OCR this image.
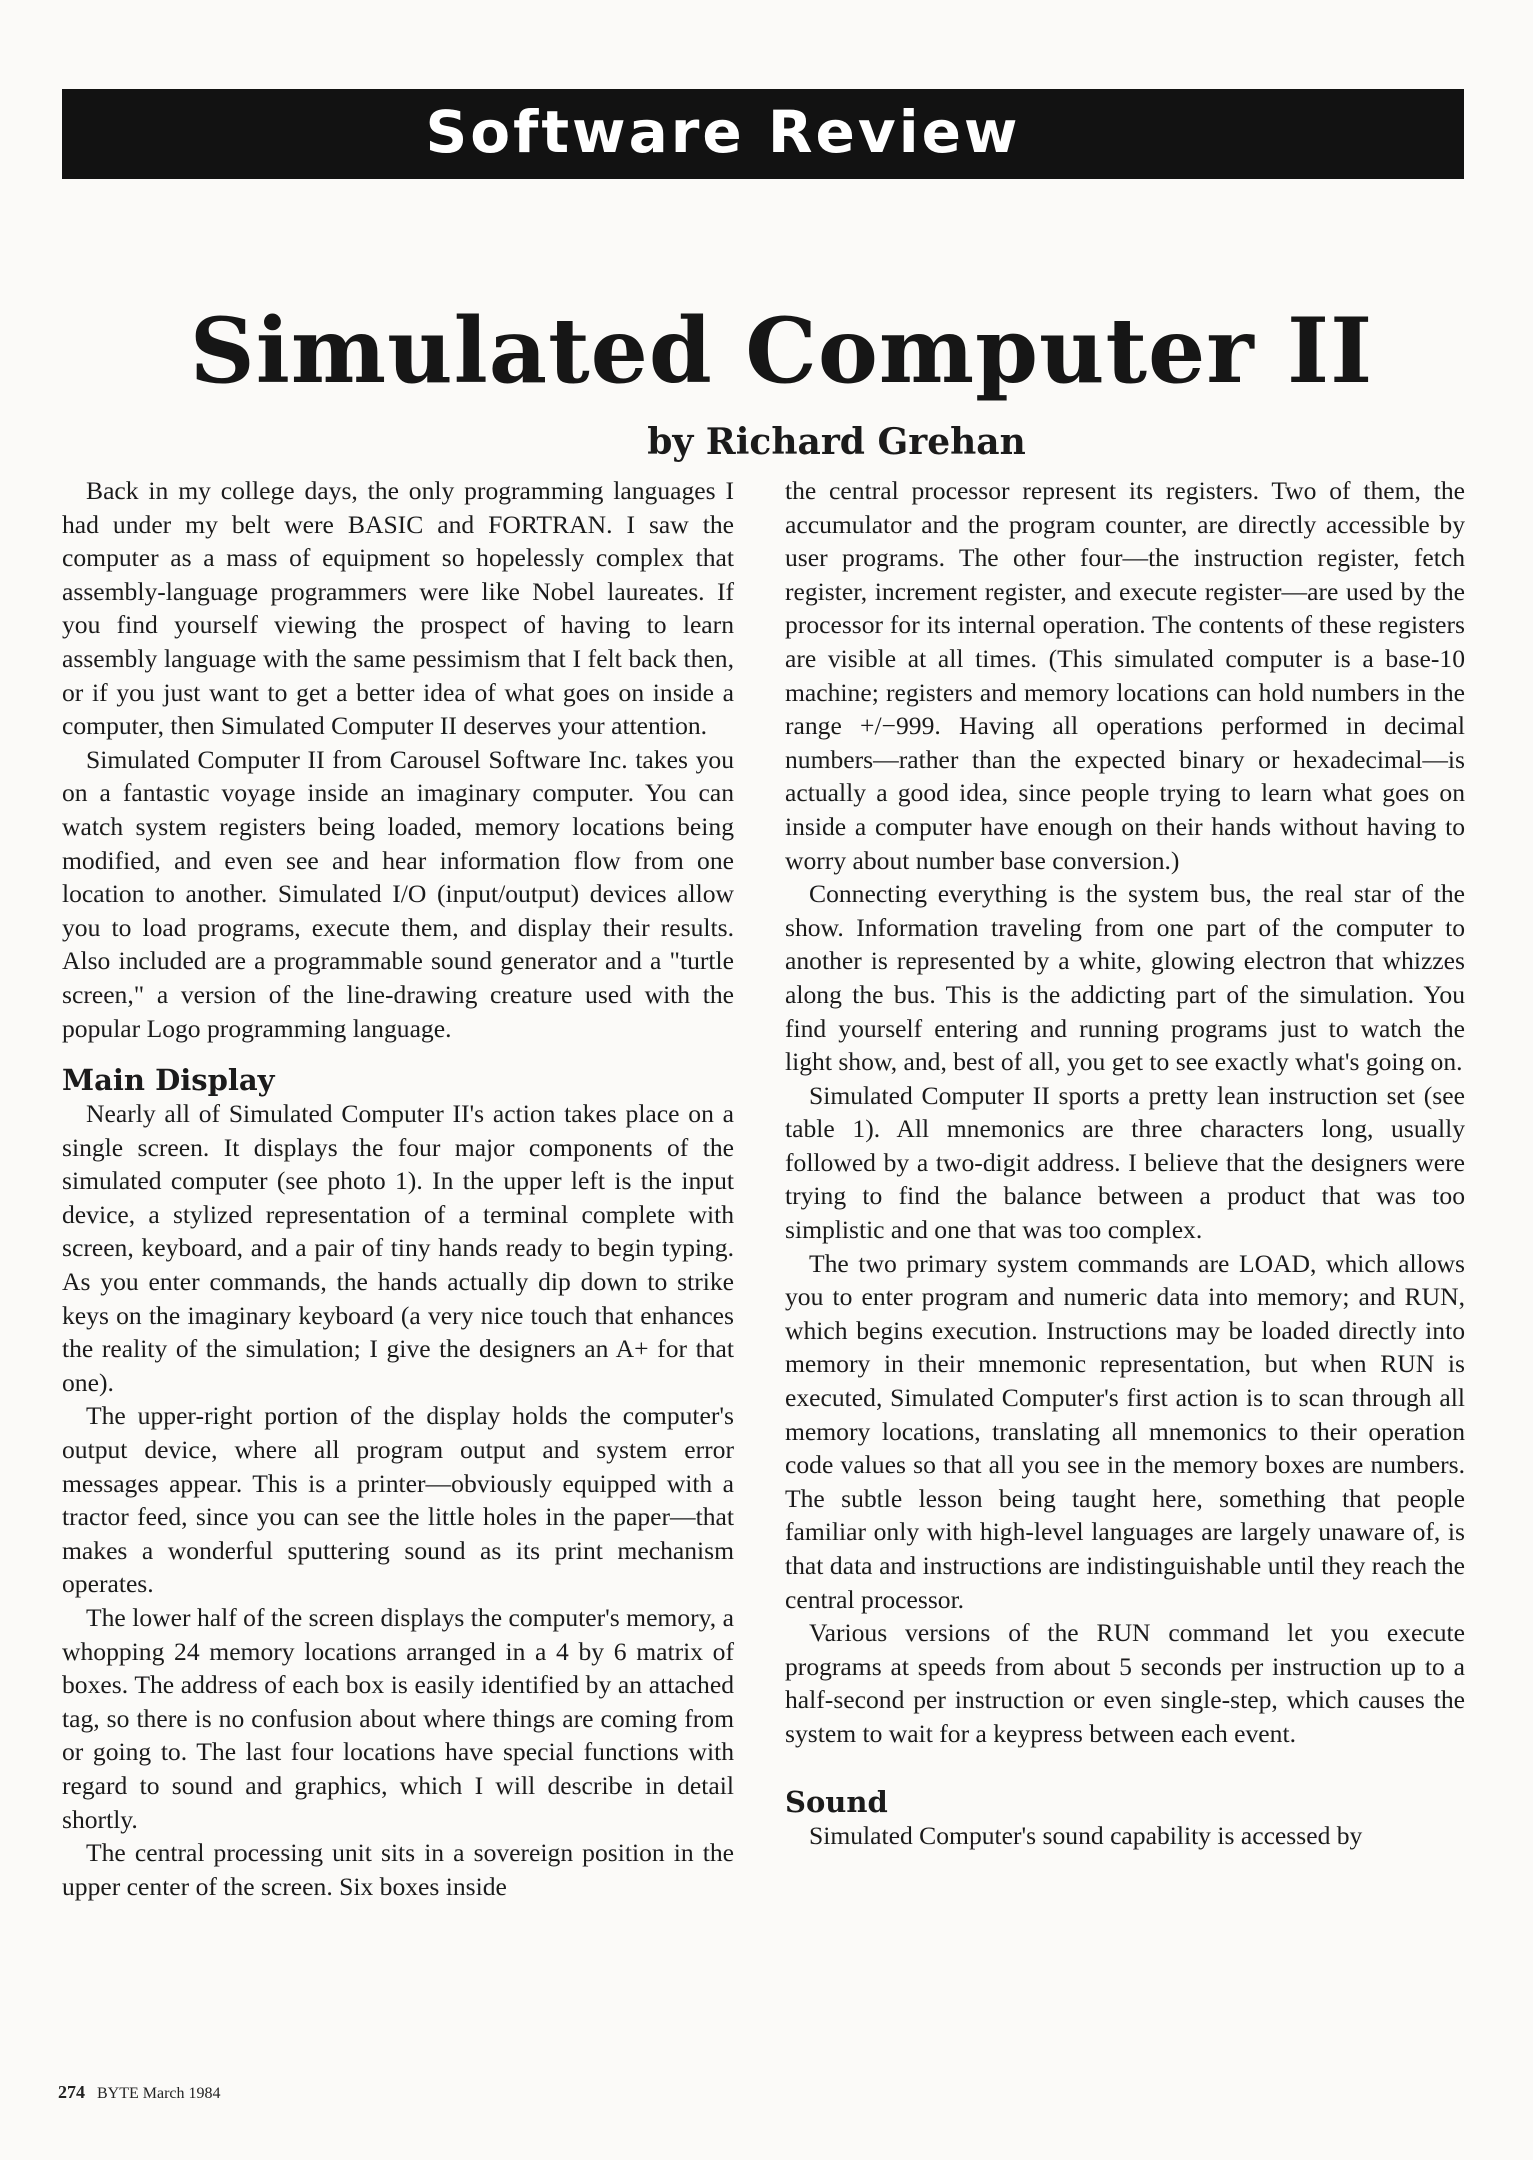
Software Review
Simulated Computer II
by Richard Grehan

Back in my college days, the only programming languages I had under my belt were BASIC and FORTRAN. I saw the computer as a mass of equipment so hopelessly complex that assembly-language programmers were like Nobel laureates. If you find yourself viewing the prospect of having to learn assembly language with the same pessimism that I felt back then, or if you just want to get a better idea of what goes on inside a computer, then Simulated Computer II deserves your attention.

Simulated Computer II from Carousel Software Inc. takes you on a fantastic voyage inside an imaginary computer. You can watch system registers being loaded, memory locations being modified, and even see and hear information flow from one location to another. Simulated I/O (input/output) devices allow you to load programs, execute them, and display their results. Also included are a programmable sound generator and a "turtle screen," a version of the line-drawing creature used with the popular Logo programming language.

Main Display

Nearly all of Simulated Computer II's action takes place on a single screen. It displays the four major components of the simulated computer (see photo 1). In the upper left is the input device, a stylized representation of a terminal complete with screen, keyboard, and a pair of tiny hands ready to begin typing. As you enter commands, the hands actually dip down to strike keys on the imaginary keyboard (a very nice touch that enhances the reality of the simulation; I give the designers an A+ for that one).

The upper-right portion of the display holds the computer's output device, where all program output and system error messages appear. This is a printer—obviously equipped with a tractor feed, since you can see the little holes in the paper—that makes a wonderful sputtering sound as its print mechanism operates.

The lower half of the screen displays the computer's memory, a whopping 24 memory locations arranged in a 4 by 6 matrix of boxes. The address of each box is easily identified by an attached tag, so there is no confusion about where things are coming from or going to. The last four locations have special functions with regard to sound and graphics, which I will describe in detail shortly.

The central processing unit sits in a sovereign position in the upper center of the screen. Six boxes inside

the central processor represent its registers. Two of them, the accumulator and the program counter, are directly accessible by user programs. The other four—the instruction register, fetch register, increment register, and execute register—are used by the processor for its internal operation. The contents of these registers are visible at all times. (This simulated computer is a base-10 machine; registers and memory locations can hold numbers in the range +/−999. Having all operations performed in decimal numbers—rather than the expected binary or hexadecimal—is actually a good idea, since people trying to learn what goes on inside a computer have enough on their hands without having to worry about number base conversion.)

Connecting everything is the system bus, the real star of the show. Information traveling from one part of the computer to another is represented by a white, glowing electron that whizzes along the bus. This is the addicting part of the simulation. You find yourself entering and running programs just to watch the light show, and, best of all, you get to see exactly what's going on.

Simulated Computer II sports a pretty lean instruction set (see table 1). All mnemonics are three characters long, usually followed by a two-digit address. I believe that the designers were trying to find the balance between a product that was too simplistic and one that was too complex.

The two primary system commands are LOAD, which allows you to enter program and numeric data into memory; and RUN, which begins execution. Instructions may be loaded directly into memory in their mnemonic representation, but when RUN is executed, Simulated Computer's first action is to scan through all memory locations, translating all mnemonics to their operation code values so that all you see in the memory boxes are numbers. The subtle lesson being taught here, something that people familiar only with high-level languages are largely unaware of, is that data and instructions are indistinguishable until they reach the central processor.

Various versions of the RUN command let you execute programs at speeds from about 5 seconds per instruction up to a half-second per instruction or even single-step, which causes the system to wait for a keypress between each event.

Sound

Simulated Computer's sound capability is accessed by

274 BYTE March 1984
